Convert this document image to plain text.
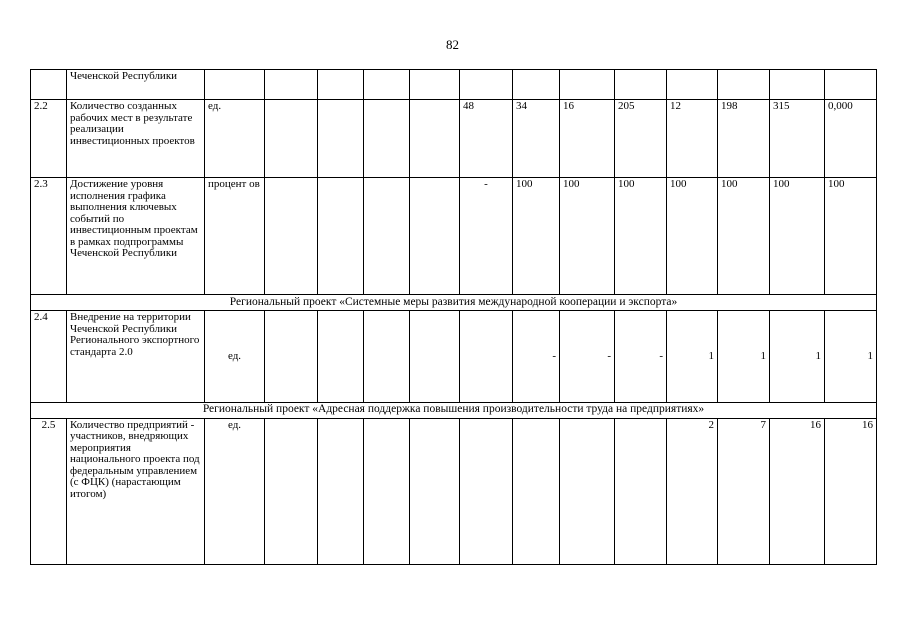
82
	Чеченской Республики													
2.2	Количество созданных рабочих мест в результате реализации инвестиционных проектов	ед.					48	34	16	205	12	198	315	0,000
2.3	Достижение уровня исполнения графика выполнения ключевых событий по инвестиционным проектам в рамках подпрограммы Чеченской Республики	процент ов					-	100	100	100	100	100	100	100
Региональный проект «Системные меры развития международной кооперации и экспорта»														
2.4	Внедрение на территории Чеченской Республики Регионального экспортного стандарта 2.0	ед.						-	-	-	1	1	1	1
Региональный проект «Адресная поддержка повышения производительности труда на предприятиях»														
2.5	Количество предприятий - участников, внедряющих мероприятия национального проекта под федеральным управлением (с ФЦК) (нарастающим итогом)	ед.									2	7	16	16
